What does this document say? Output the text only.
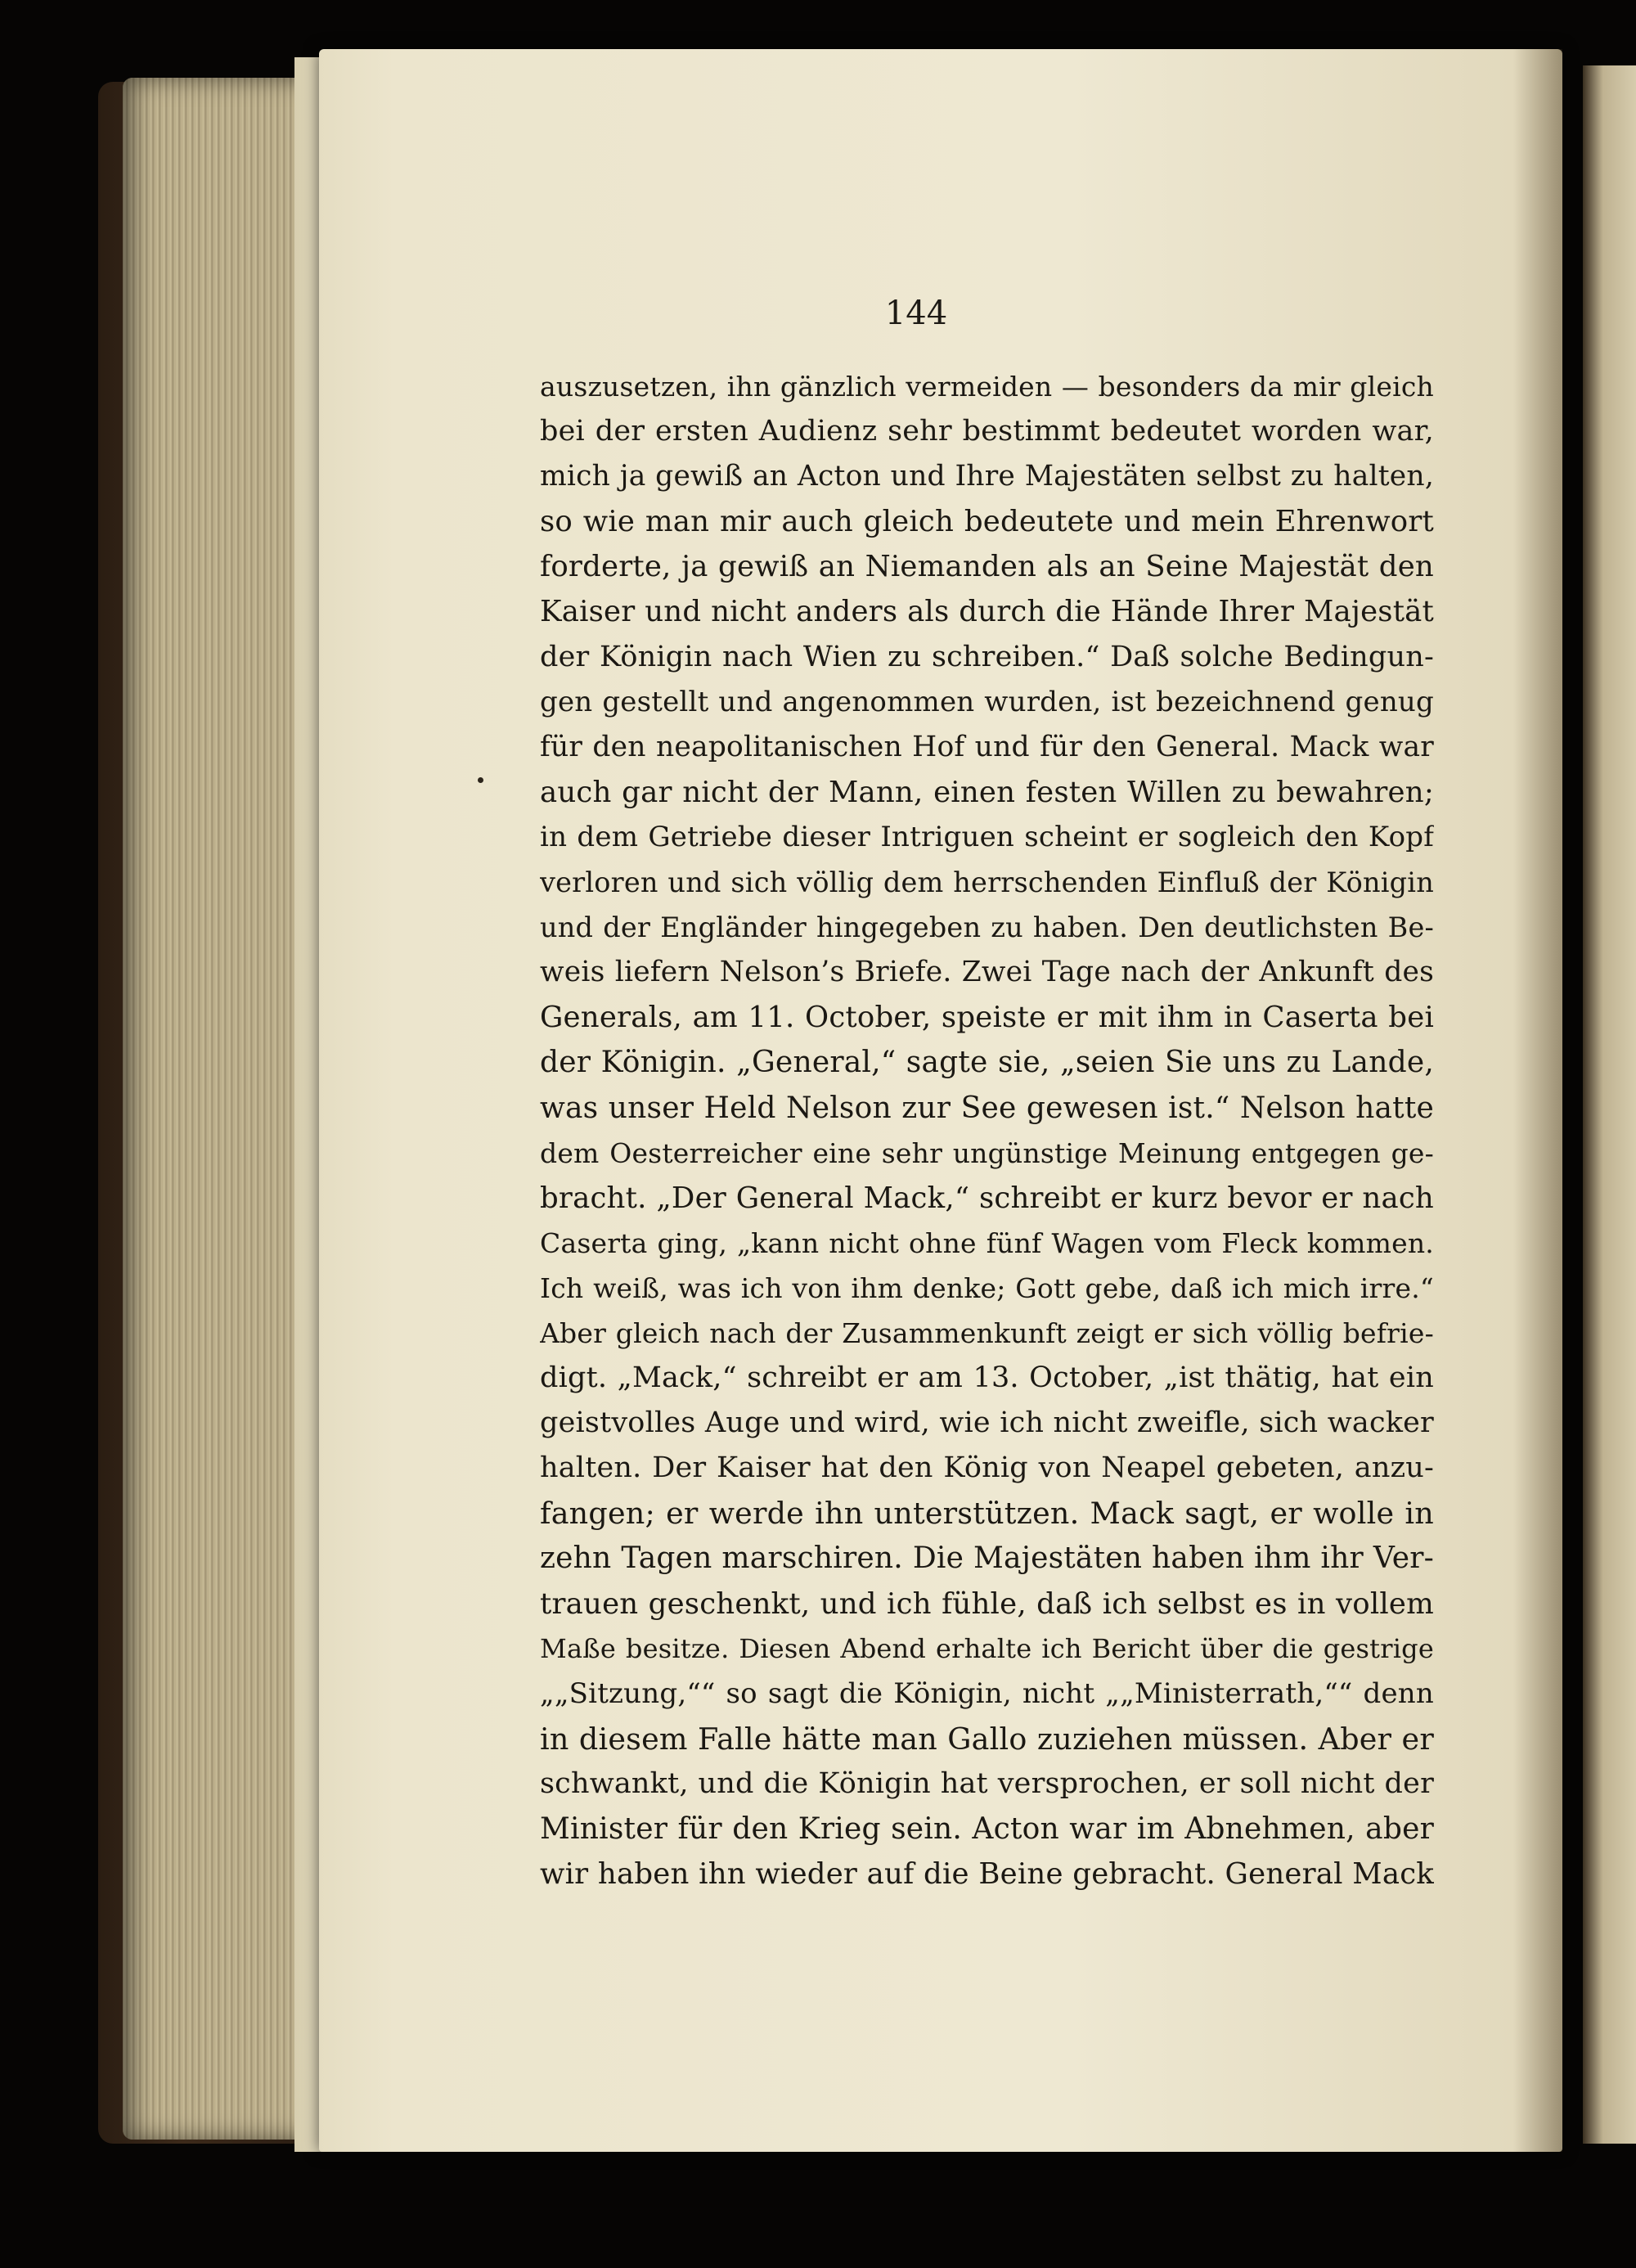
144
auszusetzen, ihn gänzlich vermeiden — besonders da mir gleich
bei der ersten Audienz sehr bestimmt bedeutet worden war,
mich ja gewiß an Acton und Ihre Majestäten selbst zu halten,
so wie man mir auch gleich bedeutete und mein Ehrenwort
forderte, ja gewiß an Niemanden als an Seine Majestät den
Kaiser und nicht anders als durch die Hände Ihrer Majestät
der Königin nach Wien zu schreiben.“ Daß solche Bedingun-
gen gestellt und angenommen wurden, ist bezeichnend genug
für den neapolitanischen Hof und für den General. Mack war
auch gar nicht der Mann, einen festen Willen zu bewahren;
in dem Getriebe dieser Intriguen scheint er sogleich den Kopf
verloren und sich völlig dem herrschenden Einfluß der Königin
und der Engländer hingegeben zu haben. Den deutlichsten Be-
weis liefern Nelson’s Briefe. Zwei Tage nach der Ankunft des
Generals, am 11. October, speiste er mit ihm in Caserta bei
der Königin. „General,“ sagte sie, „seien Sie uns zu Lande,
was unser Held Nelson zur See gewesen ist.“ Nelson hatte
dem Oesterreicher eine sehr ungünstige Meinung entgegen ge-
bracht. „Der General Mack,“ schreibt er kurz bevor er nach
Caserta ging, „kann nicht ohne fünf Wagen vom Fleck kommen.
Ich weiß, was ich von ihm denke; Gott gebe, daß ich mich irre.“
Aber gleich nach der Zusammenkunft zeigt er sich völlig befrie-
digt. „Mack,“ schreibt er am 13. October, „ist thätig, hat ein
geistvolles Auge und wird, wie ich nicht zweifle, sich wacker
halten. Der Kaiser hat den König von Neapel gebeten, anzu-
fangen; er werde ihn unterstützen. Mack sagt, er wolle in
zehn Tagen marschiren. Die Majestäten haben ihm ihr Ver-
trauen geschenkt, und ich fühle, daß ich selbst es in vollem
Maße besitze. Diesen Abend erhalte ich Bericht über die gestrige
„„Sitzung,““ so sagt die Königin, nicht „„Ministerrath,““ denn
in diesem Falle hätte man Gallo zuziehen müssen. Aber er
schwankt, und die Königin hat versprochen, er soll nicht der
Minister für den Krieg sein. Acton war im Abnehmen, aber
wir haben ihn wieder auf die Beine gebracht. General Mack
